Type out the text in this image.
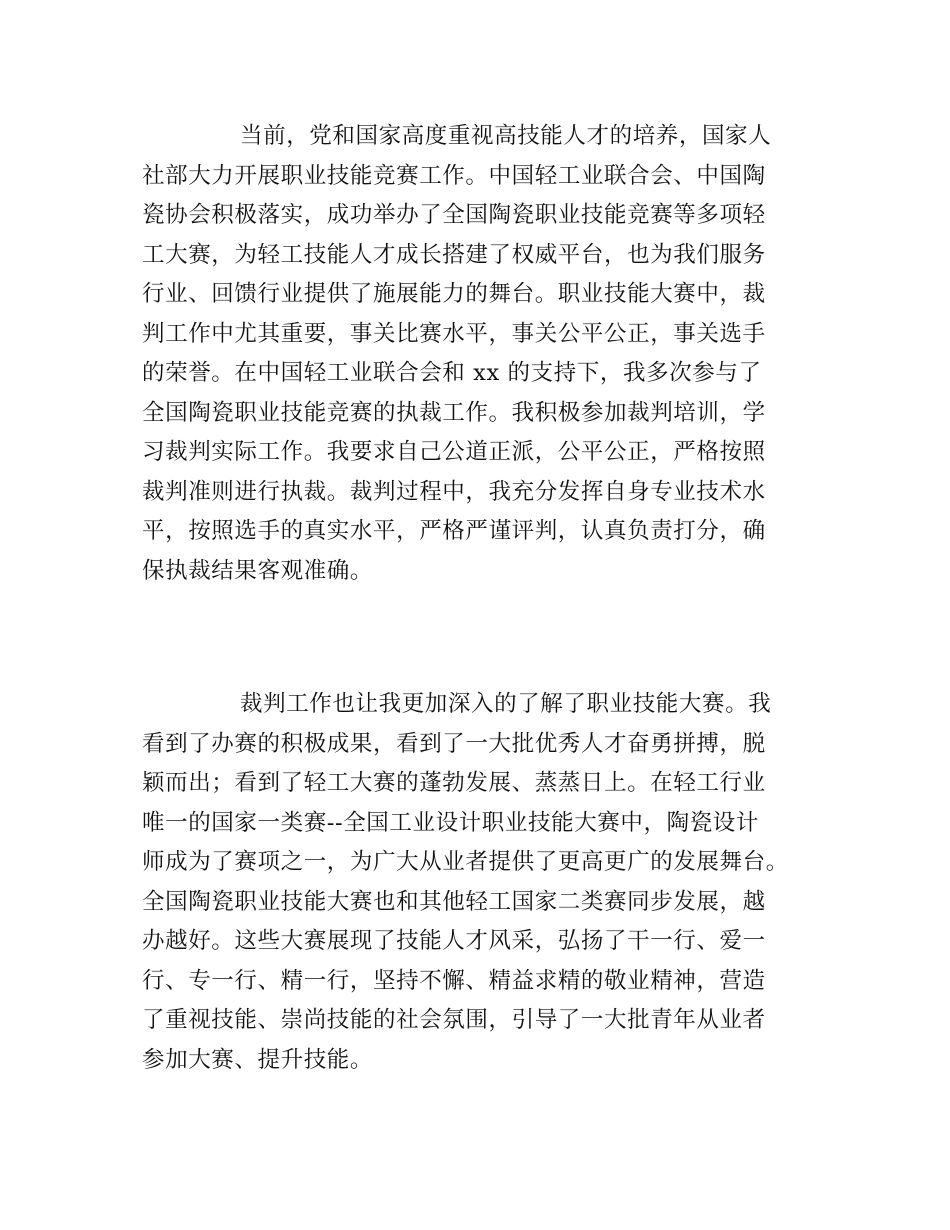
当前，党和国家高度重视高技能人才的培养，国家人
社部大力开展职业技能竞赛工作。中国轻工业联合会、中国陶
瓷协会积极落实，成功举办了全国陶瓷职业技能竞赛等多项轻
工大赛，为轻工技能人才成长搭建了权威平台，也为我们服务
行业、回馈行业提供了施展能力的舞台。职业技能大赛中，裁
判工作中尤其重要，事关比赛水平，事关公平公正，事关选手
的荣誉。在中国轻工业联合会和 xx 的支持下，我多次参与了
全国陶瓷职业技能竞赛的执裁工作。我积极参加裁判培训，学
习裁判实际工作。我要求自己公道正派，公平公正，严格按照
裁判准则进行执裁。裁判过程中，我充分发挥自身专业技术水
平，按照选手的真实水平，严格严谨评判，认真负责打分，确
保执裁结果客观准确。
裁判工作也让我更加深入的了解了职业技能大赛。我
看到了办赛的积极成果，看到了一大批优秀人才奋勇拼搏，脱
颖而出；看到了轻工大赛的蓬勃发展、蒸蒸日上。在轻工行业
唯一的国家一类赛--全国工业设计职业技能大赛中，陶瓷设计
师成为了赛项之一，为广大从业者提供了更高更广的发展舞台。
全国陶瓷职业技能大赛也和其他轻工国家二类赛同步发展，越
办越好。这些大赛展现了技能人才风采，弘扬了干一行、爱一
行、专一行、精一行，坚持不懈、精益求精的敬业精神，营造
了重视技能、崇尚技能的社会氛围，引导了一大批青年从业者
参加大赛、提升技能。
